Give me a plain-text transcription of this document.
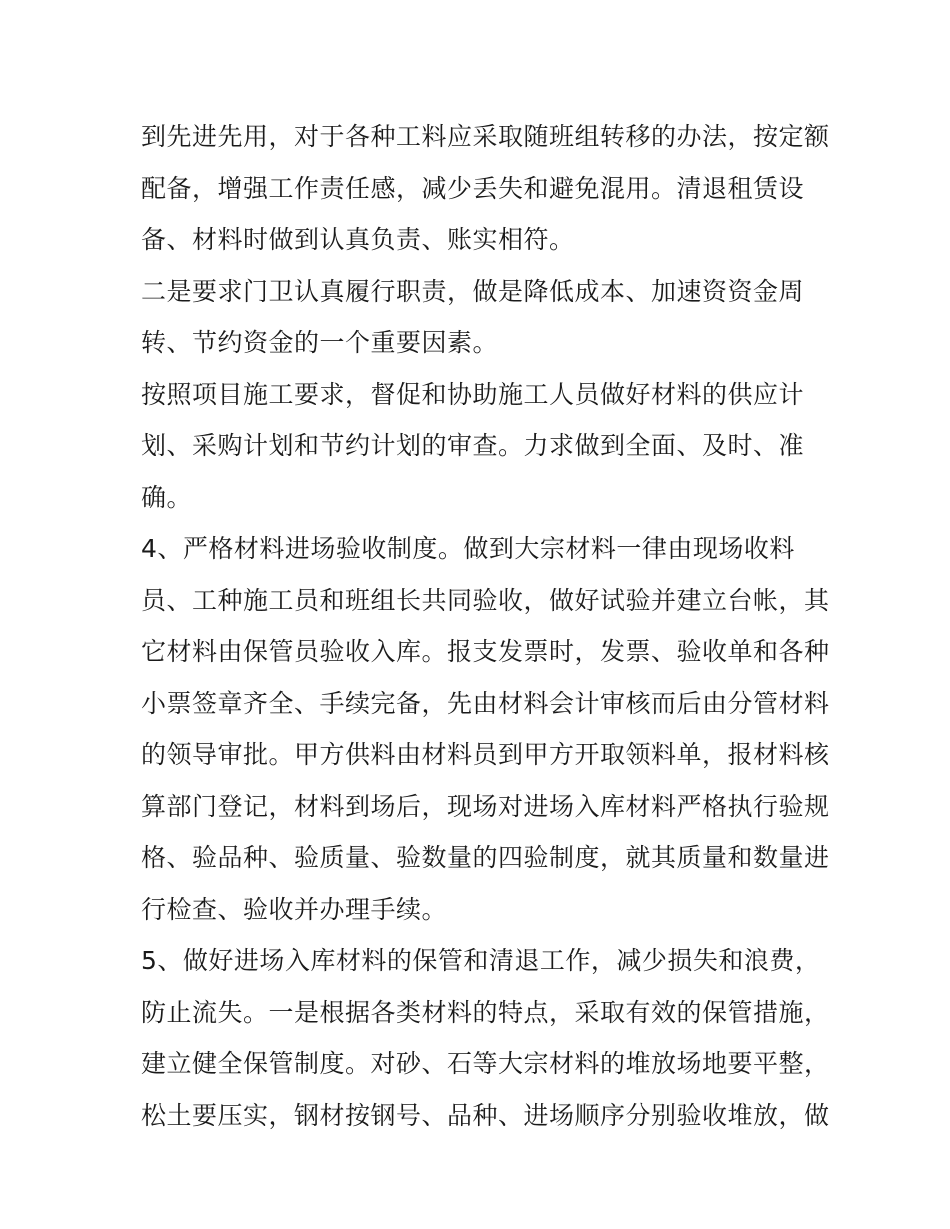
到先进先用，对于各种工料应采取随班组转移的办法，按定额
配备，增强工作责任感，减少丢失和避免混用。清退租赁设
备、材料时做到认真负责、账实相符。
二是要求门卫认真履行职责，做是降低成本、加速资资金周
转、节约资金的一个重要因素。
按照项目施工要求，督促和协助施工人员做好材料的供应计
划、采购计划和节约计划的审查。力求做到全面、及时、准
确。
4、严格材料进场验收制度。做到大宗材料一律由现场收料
员、工种施工员和班组长共同验收，做好试验并建立台帐，其
它材料由保管员验收入库。报支发票时，发票、验收单和各种
小票签章齐全、手续完备，先由材料会计审核而后由分管材料
的领导审批。甲方供料由材料员到甲方开取领料单，报材料核
算部门登记，材料到场后，现场对进场入库材料严格执行验规
格、验品种、验质量、验数量的四验制度，就其质量和数量进
行检查、验收并办理手续。
5、做好进场入库材料的保管和清退工作，减少损失和浪费，
防止流失。一是根据各类材料的特点，采取有效的保管措施，
建立健全保管制度。对砂、石等大宗材料的堆放场地要平整，
松土要压实，钢材按钢号、品种、进场顺序分别验收堆放，做
